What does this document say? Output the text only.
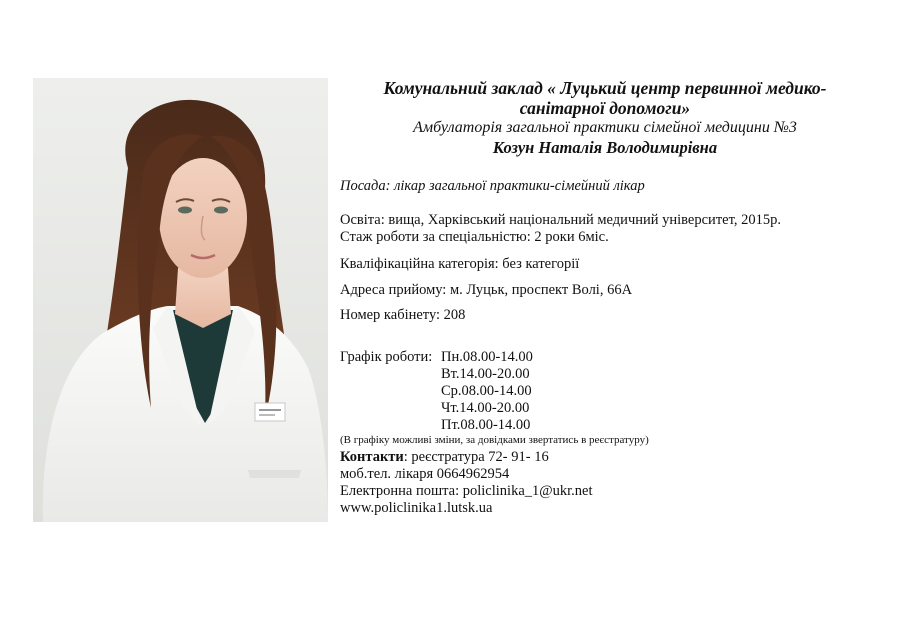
Комунальний заклад « Луцький центр первинної медико-
санітарної допомоги»
Амбулаторія загальної практики сімейної медицини №3
Козун Наталія Володимирівна
Посада: лікар загальної практики-сімейний лікар
Освіта: вища, Харківський національний медичний університет, 2015р.
Стаж роботи за спеціальністю: 2 роки 6міс.
Кваліфікаційна категорія: без категорії
Адреса прийому: м. Луцьк, проспект Волі, 66А
Номер кабінету: 208
Графік роботи: Пн.08.00-14.00
Вт.14.00-20.00
Ср.08.00-14.00
Чт.14.00-20.00
Пт.08.00-14.00
(В графіку можливі зміни, за довідками звертатись в реєстратуру)
Контакти: реєстратура 72- 91- 16
моб.тел. лікаря 0664962954
Електронна пошта: policlinika_1@ukr.net
www.policlinika1.lutsk.ua
